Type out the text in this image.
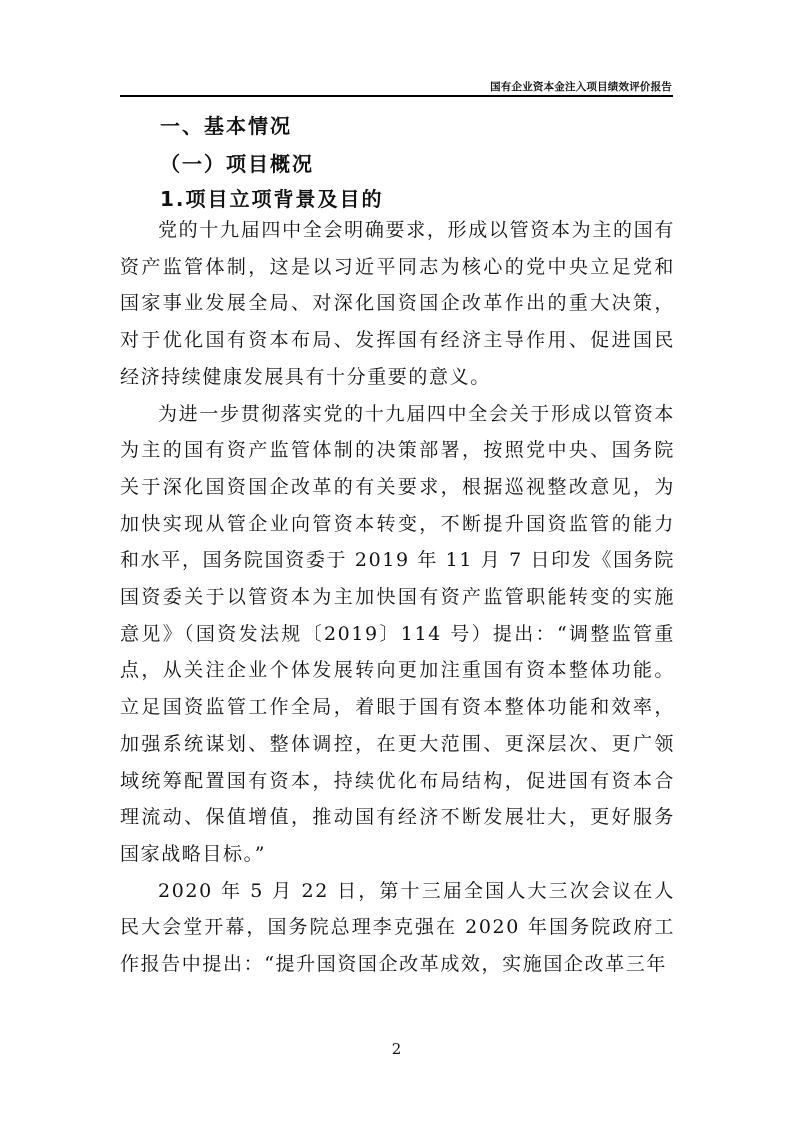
国有企业资本金注入项目绩效评价报告
一、基本情况
（一）项目概况
1.项目立项背景及目的

党的十九届四中全会明确要求，形成以管资本为主的国有资产监管体制，这是以习近平同志为核心的党中央立足党和国家事业发展全局、对深化国资国企改革作出的重大决策，对于优化国有资本布局、发挥国有经济主导作用、促进国民经济持续健康发展具有十分重要的意义。

为进一步贯彻落实党的十九届四中全会关于形成以管资本为主的国有资产监管体制的决策部署，按照党中央、国务院关于深化国资国企改革的有关要求，根据巡视整改意见，为加快实现从管企业向管资本转变，不断提升国资监管的能力和水平，国务院国资委于 2019 年 11 月 7 日印发《国务院国资委关于以管资本为主加快国有资产监管职能转变的实施意见》（国资发法规〔2019〕114 号）提出：“调整监管重点，从关注企业个体发展转向更加注重国有资本整体功能。立足国资监管工作全局，着眼于国有资本整体功能和效率，加强系统谋划、整体调控，在更大范围、更深层次、更广领域统筹配置国有资本，持续优化布局结构，促进国有资本合理流动、保值增值，推动国有经济不断发展壮大，更好服务国家战略目标。”

2020 年 5 月 22 日，第十三届全国人大三次会议在人民大会堂开幕，国务院总理李克强在 2020 年国务院政府工作报告中提出：“提升国资国企改革成效，实施国企改革三年

2
